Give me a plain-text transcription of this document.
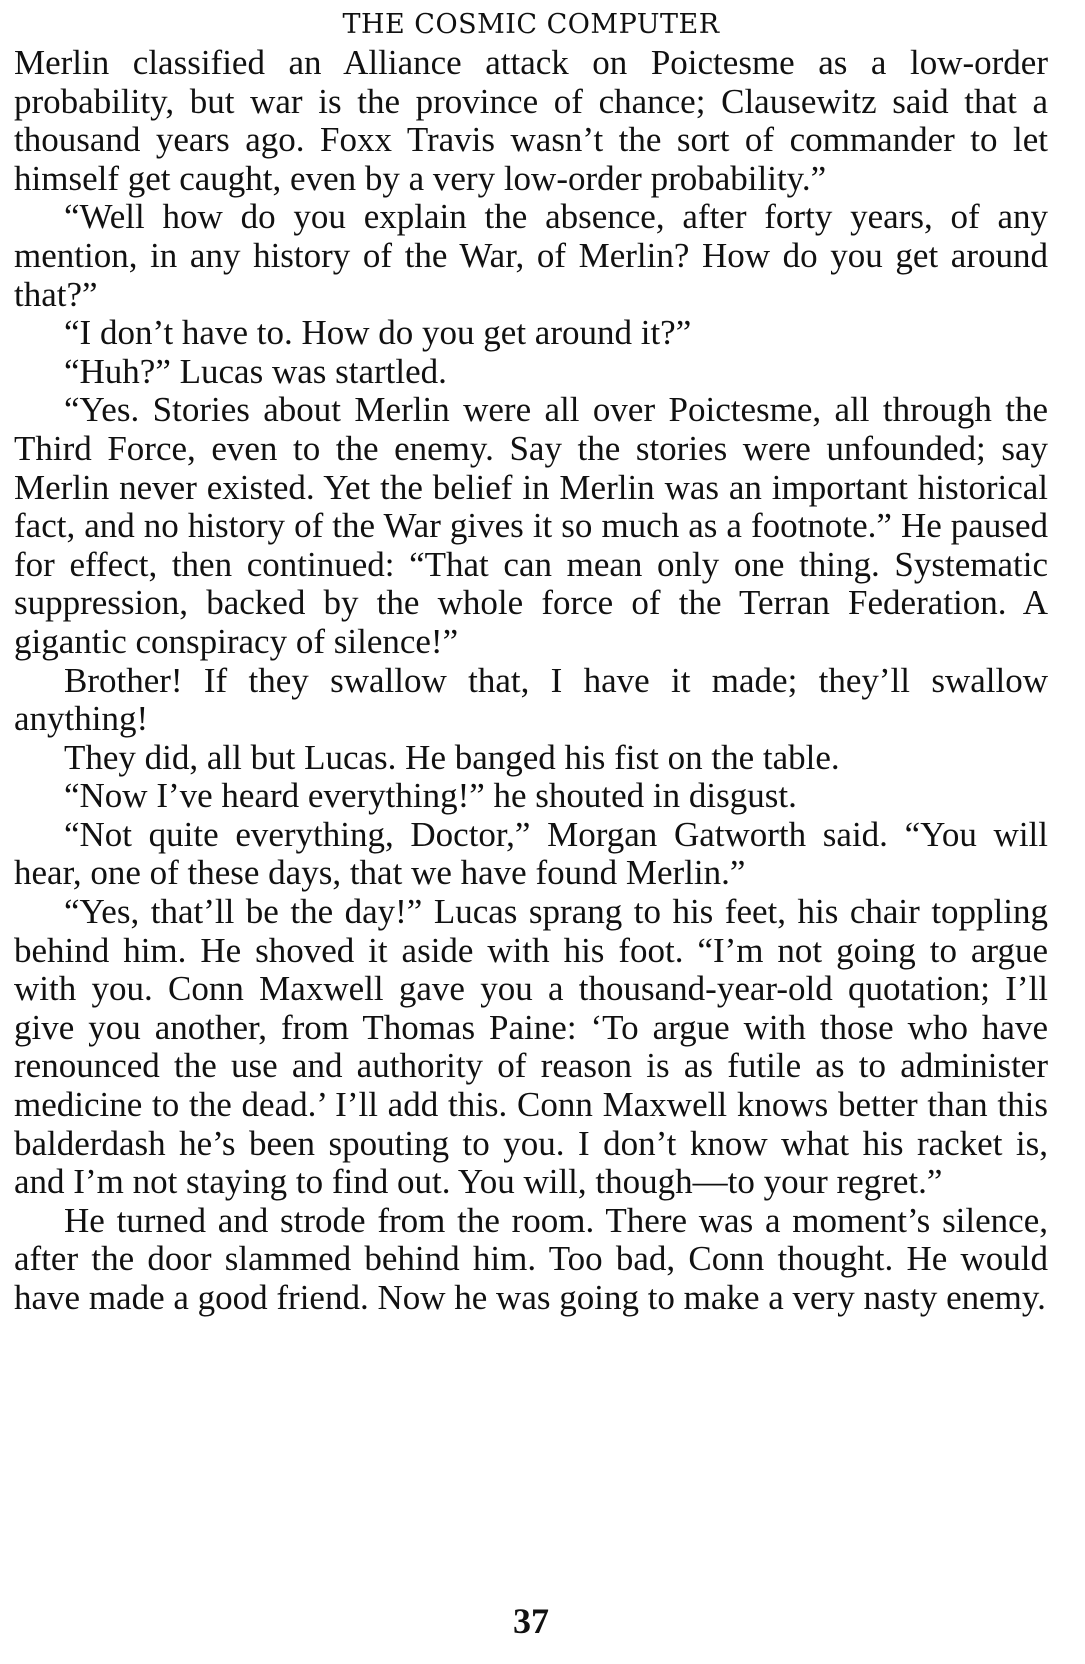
THE COSMIC COMPUTER

Merlin classified an Alliance attack on Poictesme as a low-order probability, but war is the province of chance; Clausewitz said that a thousand years ago. Foxx Travis wasn’t the sort of commander to let himself get caught, even by a very low-order probability.”

“Well how do you explain the absence, after forty years, of any mention, in any history of the War, of Merlin? How do you get around that?”

“I don’t have to. How do you get around it?”

“Huh?” Lucas was startled.

“Yes. Stories about Merlin were all over Poictesme, all through the Third Force, even to the enemy. Say the stories were unfounded; say Merlin never existed. Yet the belief in Merlin was an important historical fact, and no history of the War gives it so much as a footnote.” He paused for effect, then continued: “That can mean only one thing. Systematic suppression, backed by the whole force of the Terran Federation. A gigantic conspiracy of silence!”

Brother! If they swallow that, I have it made; they’ll swallow anything!

They did, all but Lucas. He banged his fist on the table.

“Now I’ve heard everything!” he shouted in disgust.

“Not quite everything, Doctor,” Morgan Gatworth said. “You will hear, one of these days, that we have found Merlin.”

“Yes, that’ll be the day!” Lucas sprang to his feet, his chair toppling behind him. He shoved it aside with his foot. “I’m not going to argue with you. Conn Maxwell gave you a thousand-year-old quotation; I’ll give you another, from Thomas Paine: ‘To argue with those who have renounced the use and authority of reason is as futile as to administer medicine to the dead.’ I’ll add this. Conn Maxwell knows better than this balderdash he’s been spouting to you. I don’t know what his racket is, and I’m not staying to find out. You will, though—to your regret.”

He turned and strode from the room. There was a moment’s silence, after the door slammed behind him. Too bad, Conn thought. He would have made a good friend. Now he was going to make a very nasty enemy.

37
